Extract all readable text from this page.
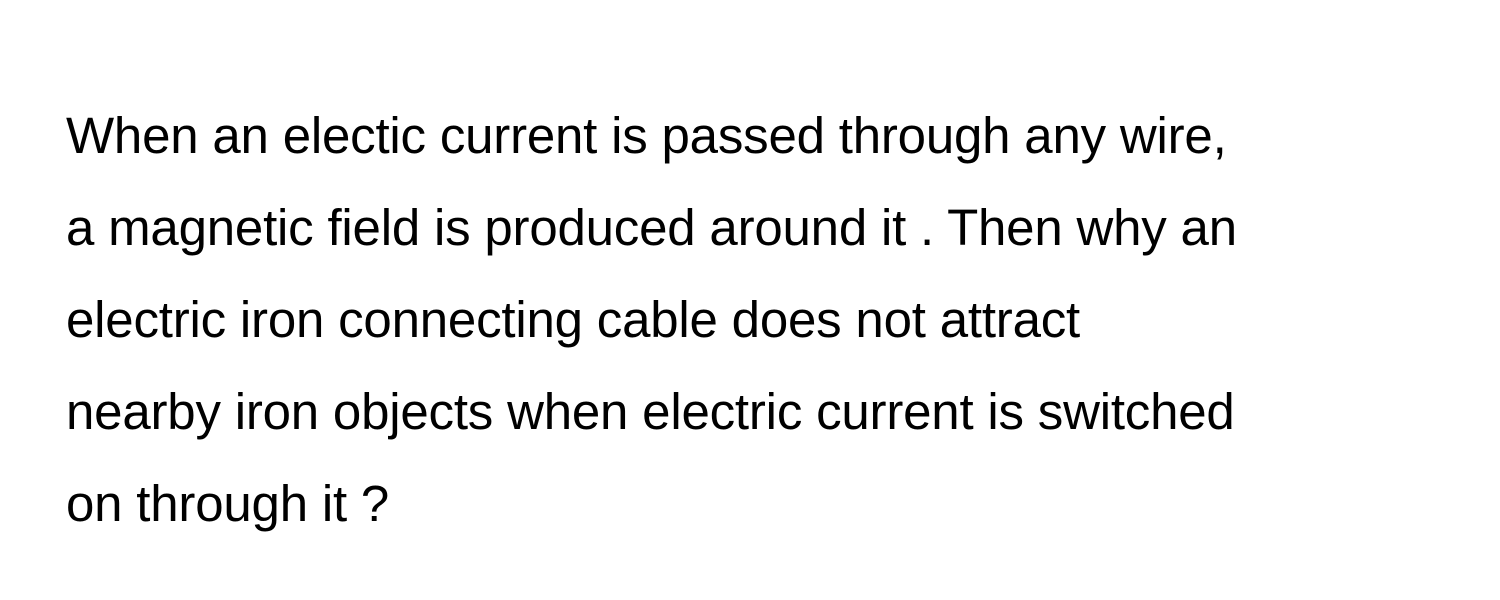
When an electic current is passed through any wire,
a magnetic field is produced around it . Then why an
electric iron connecting cable does not attract
nearby iron objects when electric current is switched
on through it ?
